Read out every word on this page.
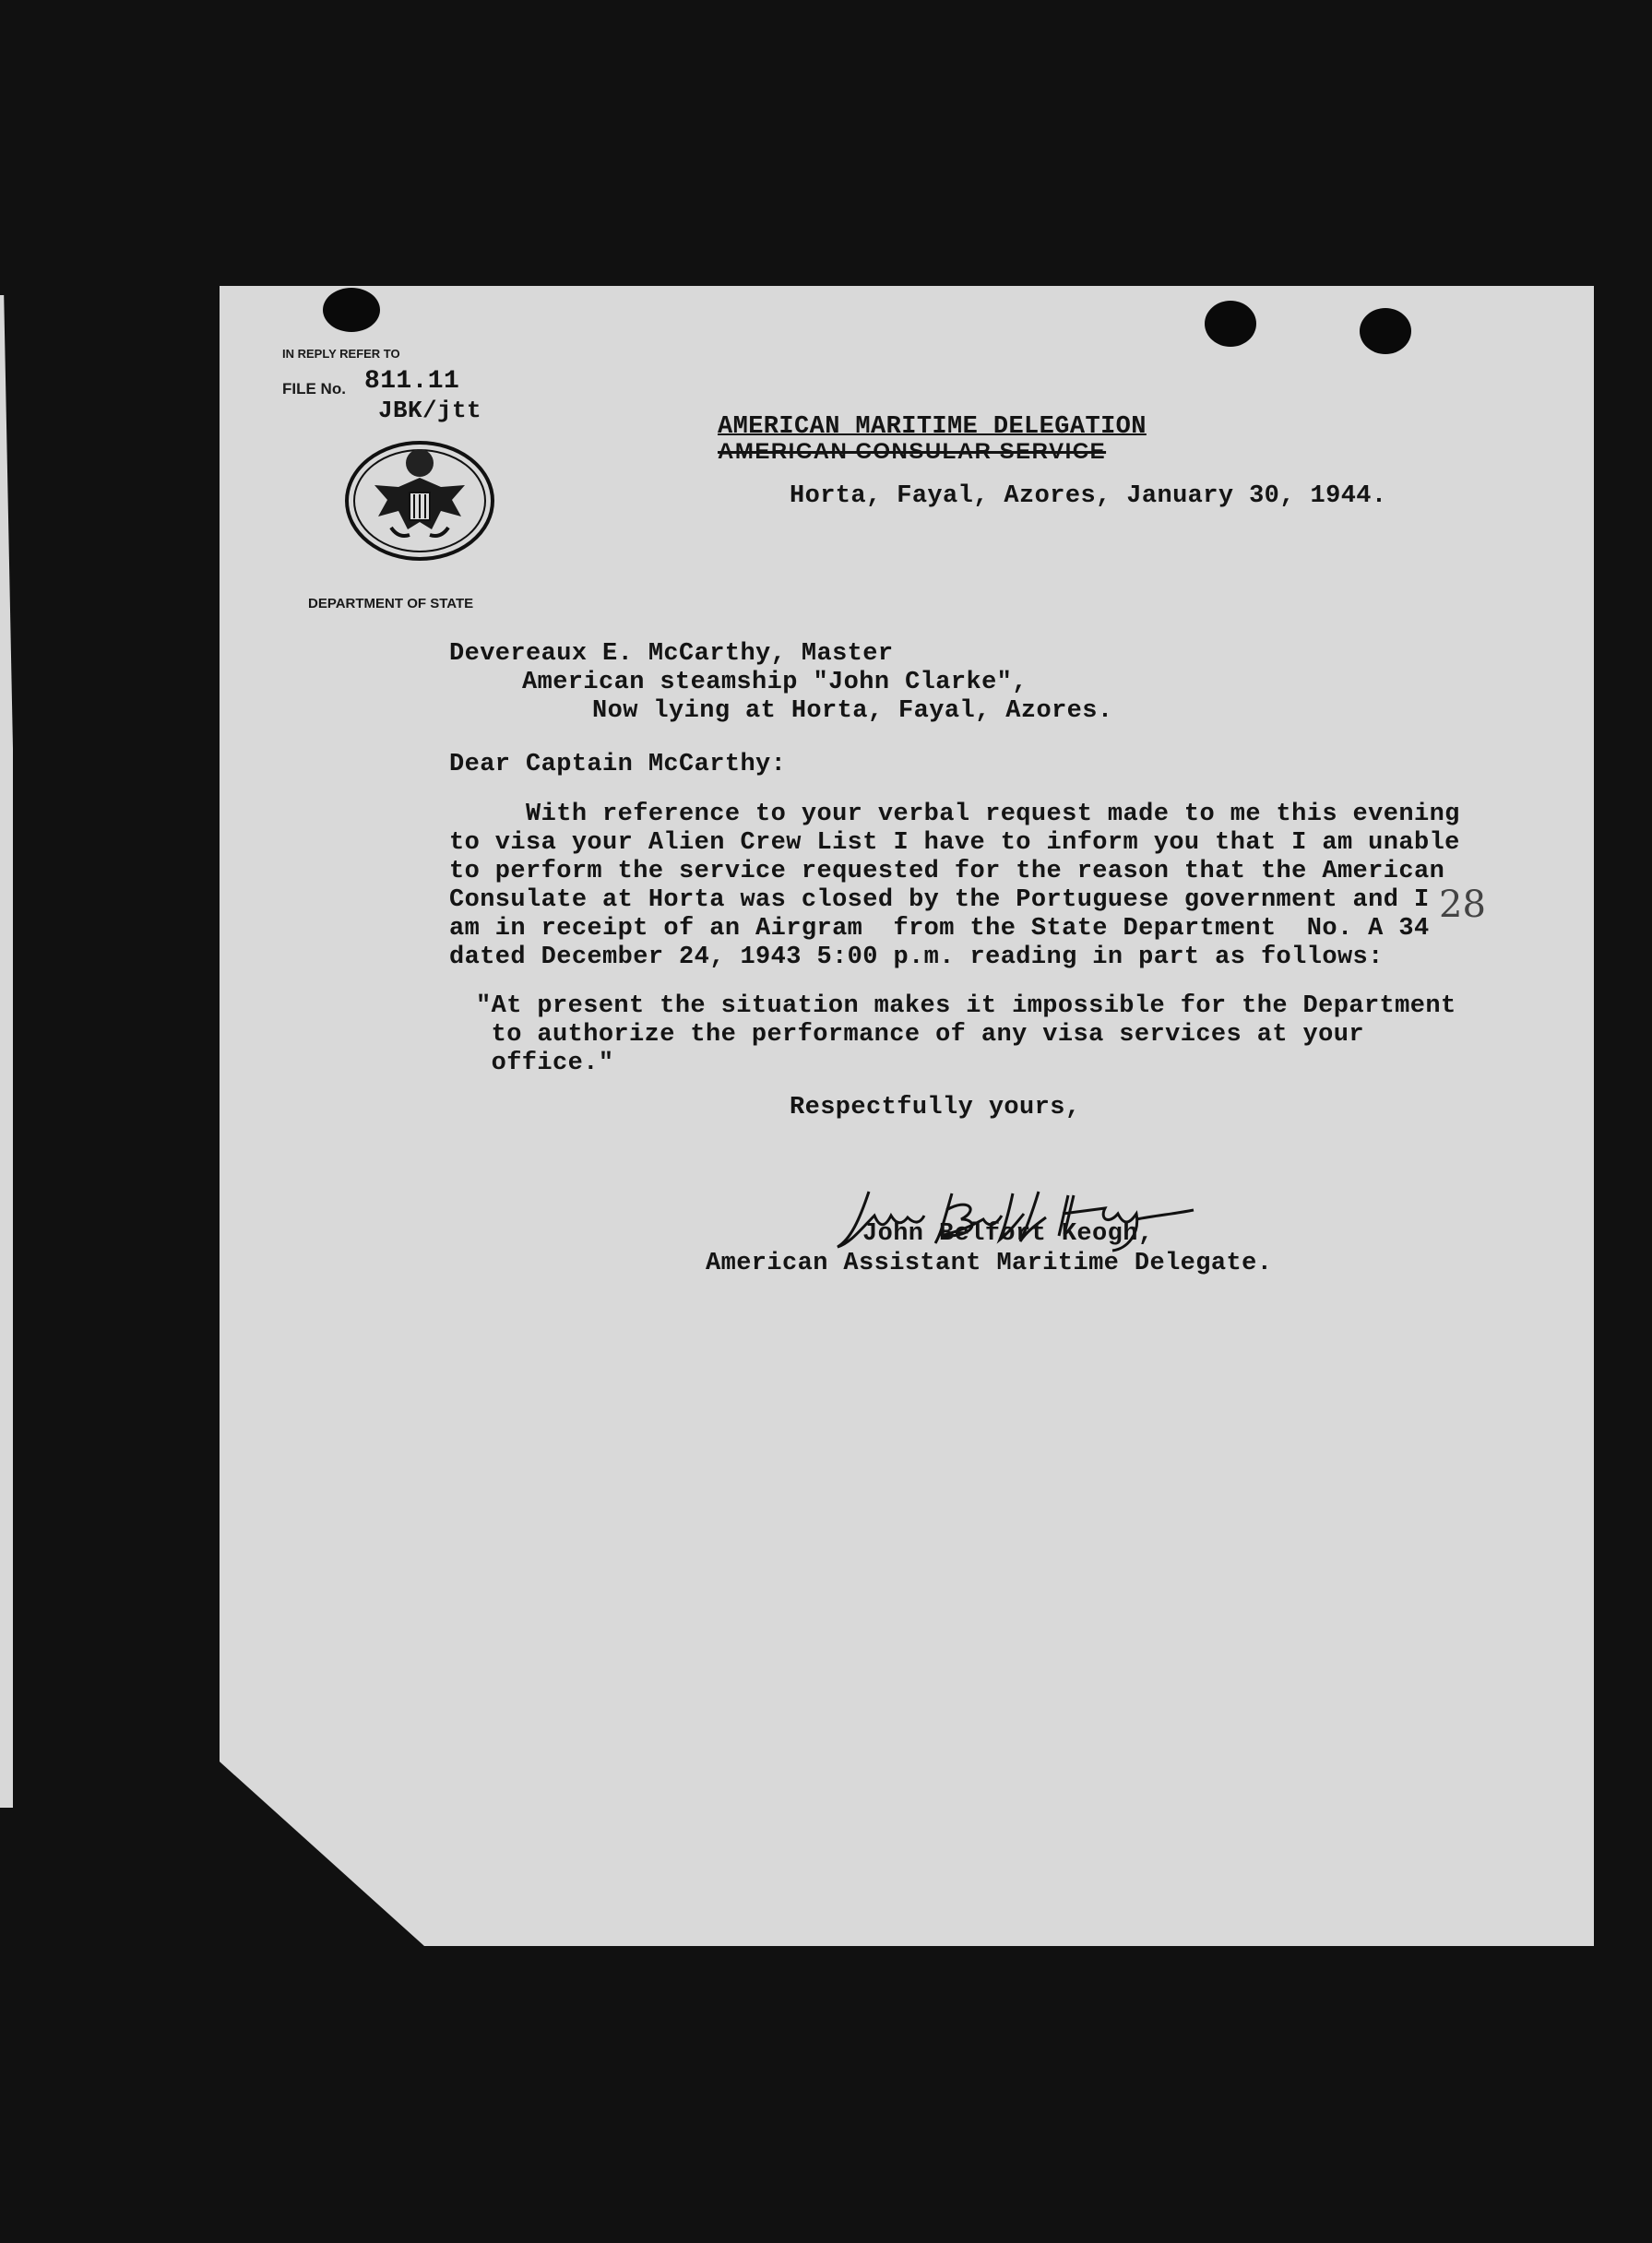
IN REPLY REFER TO
FILE No. 811.11
JBK/jtt
DEPARTMENT OF STATE
AMERICAN MARITIME DELEGATION
AMERICAN CONSULAR SERVICE
Horta, Fayal, Azores, January 30, 1944.
Devereaux E. McCarthy, Master
American steamship "John Clarke",
Now lying at Horta, Fayal, Azores.
Dear Captain McCarthy:
With reference to your verbal request made to me this evening
to visa your Alien Crew List I have to inform you that I am unable
to perform the service requested for the reason that the American
Consulate at Horta was closed by the Portuguese government and I
am in receipt of an Airgram  from the State Department  No. A 34
dated December 24, 1943 5:00 p.m. reading in part as follows:
"At present the situation makes it impossible for the Department
to authorize the performance of any visa services at your
office."
Respectfully yours,
John Belfort Keogh,
American Assistant Maritime Delegate.
28
